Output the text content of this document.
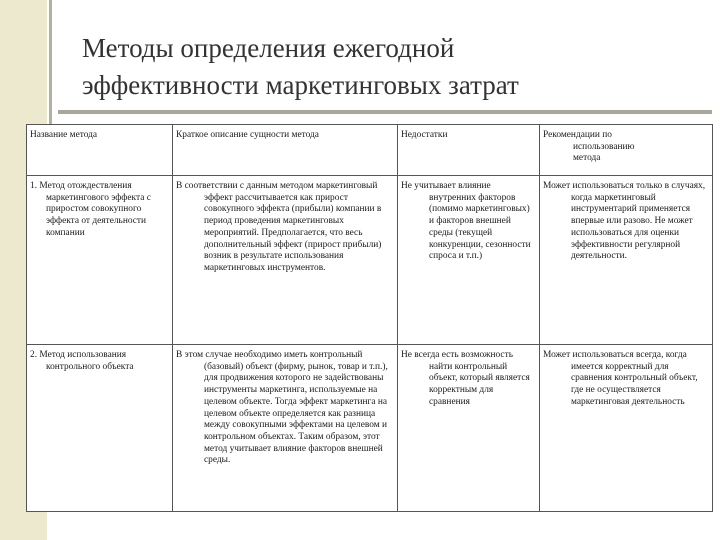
Методы определения ежегодной
эффективности маркетинговых затрат
Название метода	Краткое описание сущности метода	Недостатки	Рекомендации по

использованию

метода

1. Метод отождествления маркетингового эффекта с приростом совокупного эффекта от деятельности компании	В соответствии с данным методом маркетинговый эффект рассчитывается как прирост совокупного эффекта (прибыли) компании в период проведения маркетинговых мероприятий. Предполагается, что весь дополнительный эффект (прирост прибыли) возник в результате использования маркетинговых инструментов.	Не учитывает влияние внутренних факторов (помимо маркетинговых) и факторов внешней среды (текущей конкуренции, сезонности спроса и т.п.)	Может использоваться только в случаях, когда маркетинговый инструментарий применяется впервые или разово. Не может использоваться для оценки эффективности регулярной деятельности.

2. Метод использования контрольного объекта	В этом случае необходимо иметь контрольный (базовый) объект (фирму, рынок, товар и т.п.), для продвижения которого не задействованы инструменты маркетинга, используемые на целевом объекте. Тогда эффект маркетинга на целевом объекте определяется как разница между совокупными эффектами на целевом и контрольном объектах. Таким образом, этот метод учитывает влияние факторов внешней среды.	Не всегда есть возможность найти контрольный объект, который является корректным для сравнения	Может использоваться всегда, когда имеется корректный для сравнения контрольный объект, где не осуществляется маркетинговая деятельность
